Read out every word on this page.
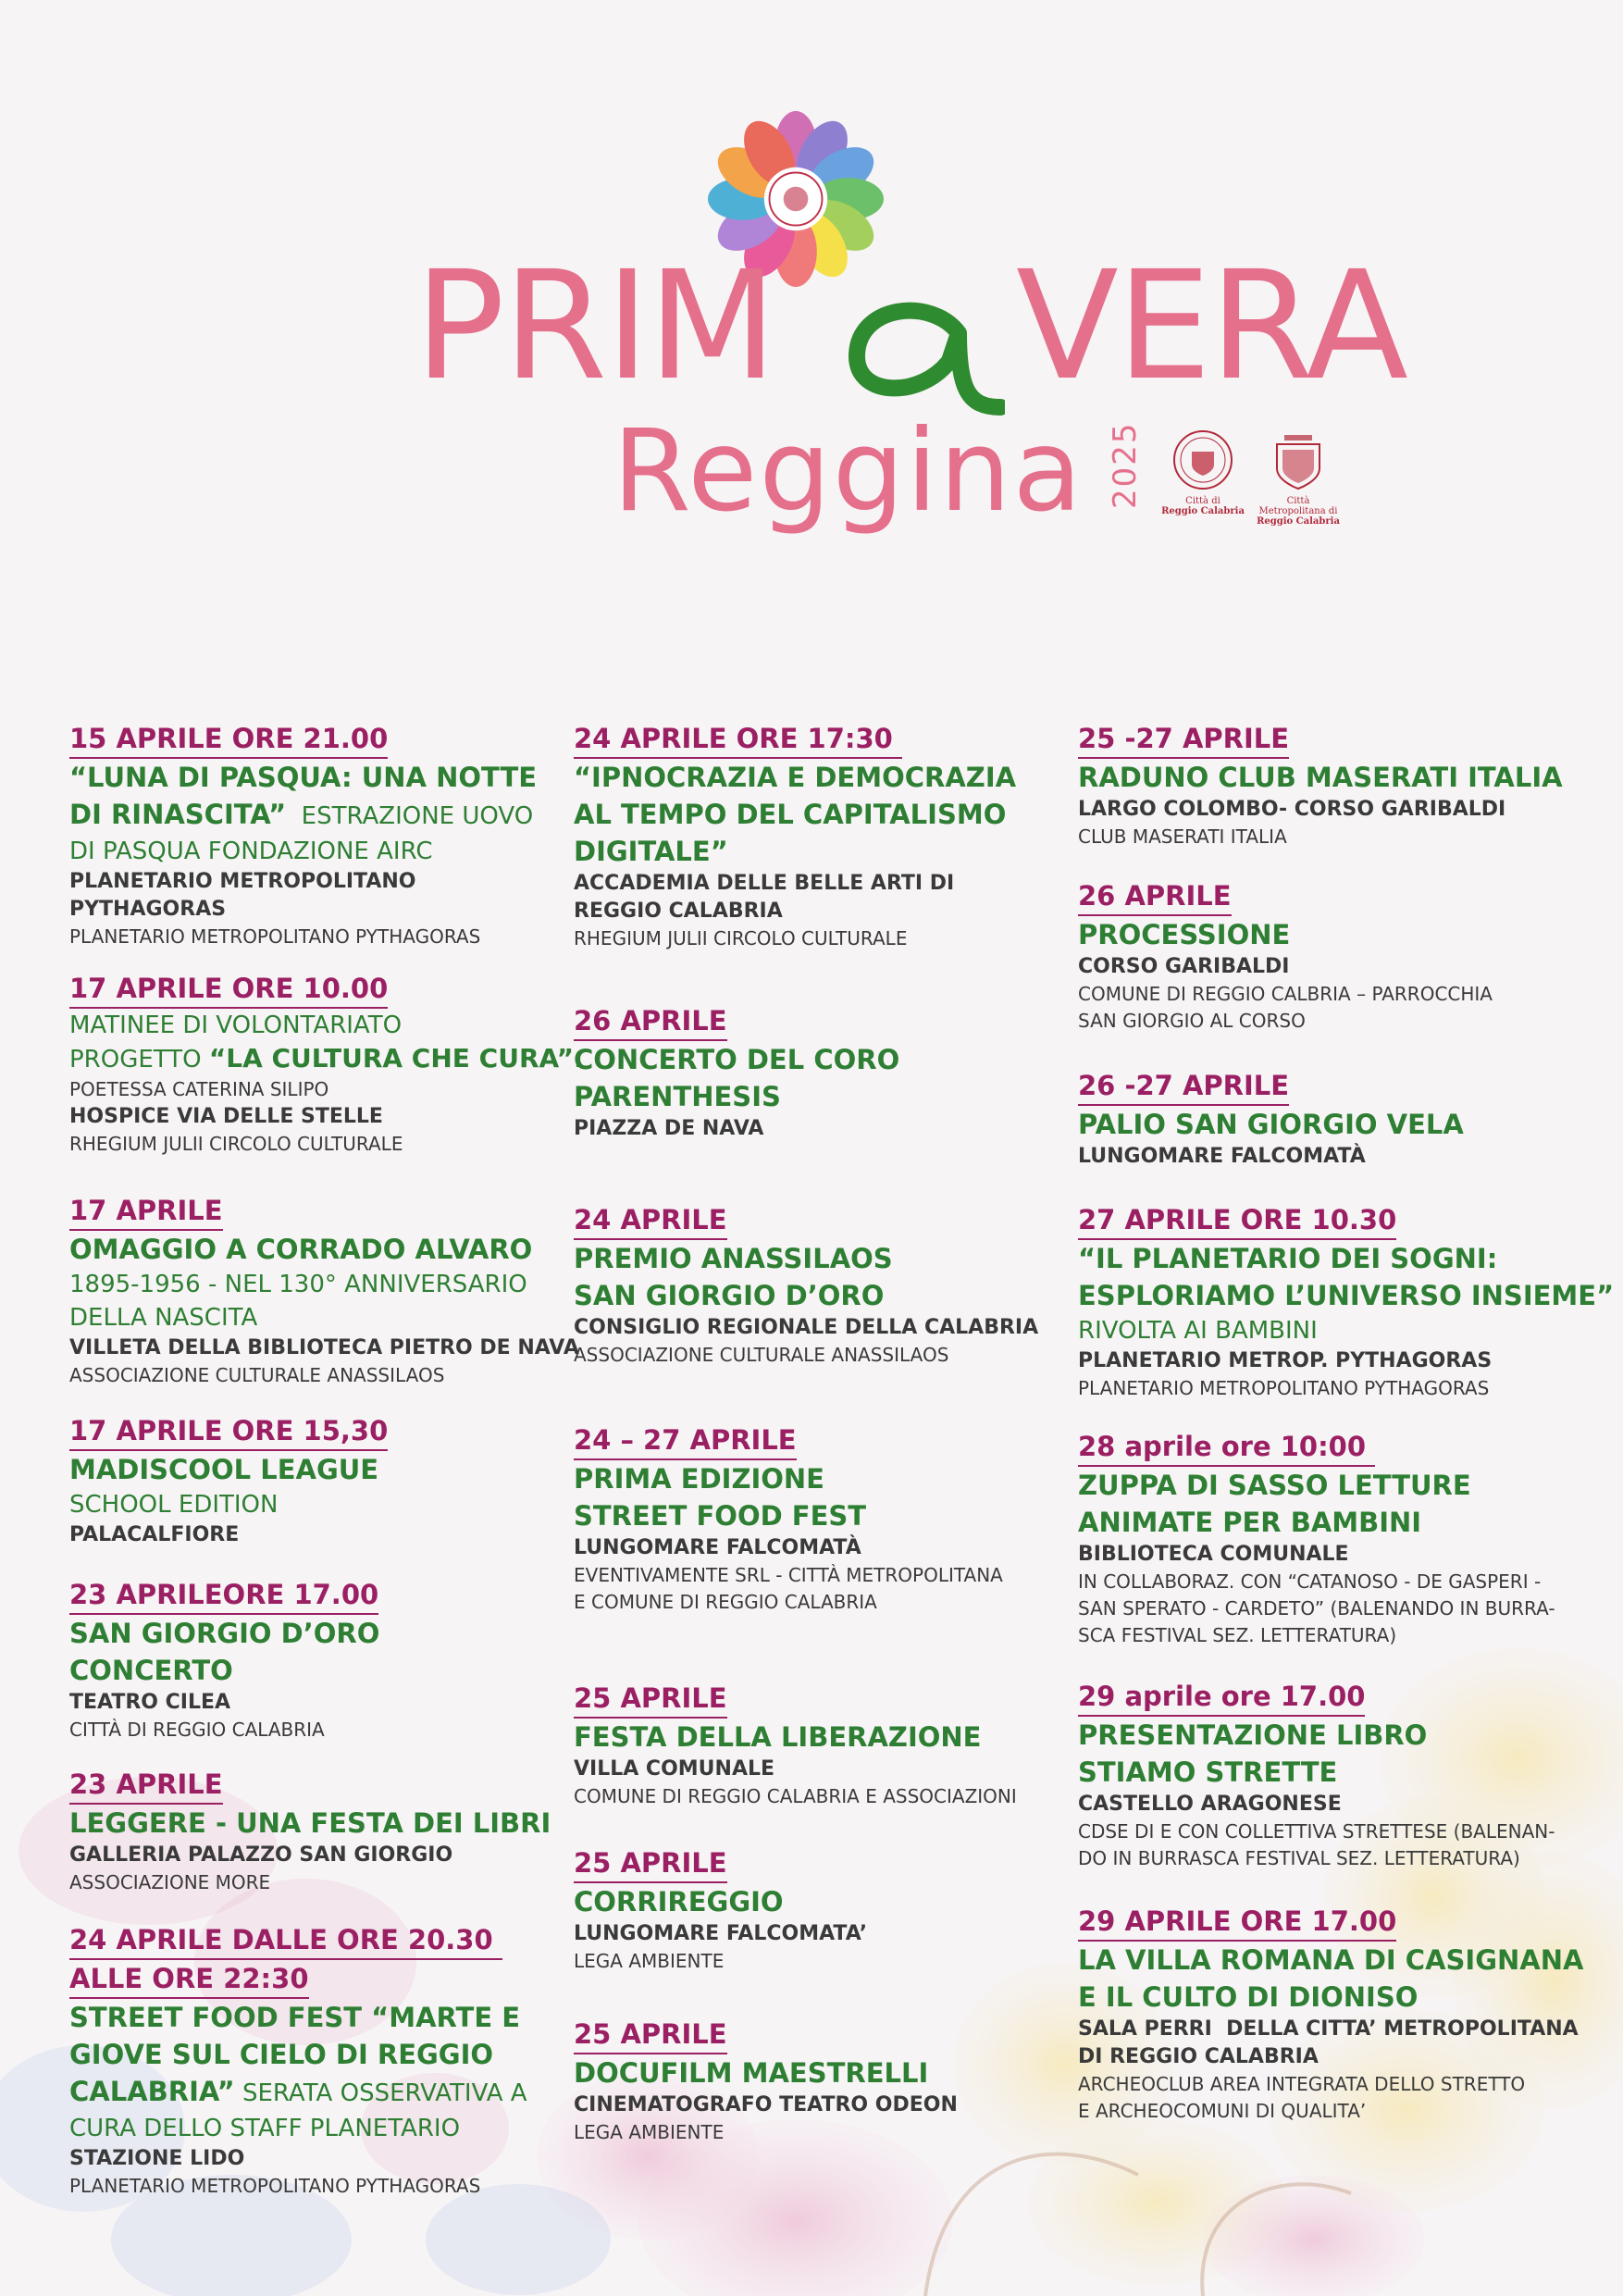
PRIM VERA
Reggina 2025	Città di
Reggio Calabria
Città Metropolitana di
Reggio Calabria
15 APRILE ORE 21.00
“LUNA DI PASQUA: UNA NOTTE
DI RINASCITA”  ESTRAZIONE UOVO
DI PASQUA FONDAZIONE AIRC
PLANETARIO METROPOLITANO
PYTHAGORAS
PLANETARIO METROPOLITANO PYTHAGORAS
17 APRILE ORE 10.00
MATINEE DI VOLONTARIATO
PROGETTO “LA CULTURA CHE CURA”.
POETESSA CATERINA SILIPO
HOSPICE VIA DELLE STELLE
RHEGIUM JULII CIRCOLO CULTURALE
17 APRILE
OMAGGIO A CORRADO ALVARO
1895-1956 - NEL 130° ANNIVERSARIO
DELLA NASCITA
VILLETA DELLA BIBLIOTECA PIETRO DE NAVA
ASSOCIAZIONE CULTURALE ANASSILAOS
17 APRILE ORE 15,30
MADISCOOL LEAGUE
SCHOOL EDITION
PALACALFIORE
23 APRILEORE 17.00
SAN GIORGIO D’ORO
CONCERTO
TEATRO CILEA
CITTÀ DI REGGIO CALABRIA
23 APRILE
LEGGERE - UNA FESTA DEI LIBRI
GALLERIA PALAZZO SAN GIORGIO
ASSOCIAZIONE MORE
24 APRILE DALLE ORE 20.30
ALLE ORE 22:30
STREET FOOD FEST “MARTE E
GIOVE SUL CIELO DI REGGIO
CALABRIA” SERATA OSSERVATIVA A
CURA DELLO STAFF PLANETARIO
STAZIONE LIDO
PLANETARIO METROPOLITANO PYTHAGORAS
24 APRILE ORE 17:30
“IPNOCRAZIA E DEMOCRAZIA
AL TEMPO DEL CAPITALISMO
DIGITALE”
ACCADEMIA DELLE BELLE ARTI DI
REGGIO CALABRIA
RHEGIUM JULII CIRCOLO CULTURALE
26 APRILE
CONCERTO DEL CORO
PARENTHESIS
PIAZZA DE NAVA
24 APRILE
PREMIO ANASSILAOS
SAN GIORGIO D’ORO
CONSIGLIO REGIONALE DELLA CALABRIA
ASSOCIAZIONE CULTURALE ANASSILAOS
24 – 27 APRILE
PRIMA EDIZIONE
STREET FOOD FEST
LUNGOMARE FALCOMATÀ
EVENTIVAMENTE SRL - CITTÀ METROPOLITANA
E COMUNE DI REGGIO CALABRIA
25 APRILE
FESTA DELLA LIBERAZIONE
VILLA COMUNALE
COMUNE DI REGGIO CALABRIA E ASSOCIAZIONI
25 APRILE
CORRIREGGIO
LUNGOMARE FALCOMATA’
LEGA AMBIENTE
25 APRILE
DOCUFILM MAESTRELLI
CINEMATOGRAFO TEATRO ODEON
LEGA AMBIENTE
25 -27 APRILE
RADUNO CLUB MASERATI ITALIA
LARGO COLOMBO- CORSO GARIBALDI
CLUB MASERATI ITALIA
26 APRILE
PROCESSIONE
CORSO GARIBALDI
COMUNE DI REGGIO CALBRIA – PARROCCHIA
SAN GIORGIO AL CORSO
26 -27 APRILE
PALIO SAN GIORGIO VELA
LUNGOMARE FALCOMATÀ
27 APRILE ORE 10.30
“IL PLANETARIO DEI SOGNI:
ESPLORIAMO L’UNIVERSO INSIEME”
RIVOLTA AI BAMBINI
PLANETARIO METROP. PYTHAGORAS
PLANETARIO METROPOLITANO PYTHAGORAS
28 aprile ore 10:00
ZUPPA DI SASSO LETTURE
ANIMATE PER BAMBINI
BIBLIOTECA COMUNALE
IN COLLABORAZ. CON “CATANOSO - DE GASPERI -
SAN SPERATO - CARDETO” (BALENANDO IN BURRA-
SCA FESTIVAL SEZ. LETTERATURA)
29 aprile ore 17.00
PRESENTAZIONE LIBRO
STIAMO STRETTE
CASTELLO ARAGONESE
CDSE DI E CON COLLETTIVA STRETTESE (BALENAN-
DO IN BURRASCA FESTIVAL SEZ. LETTERATURA)
29 APRILE ORE 17.00
LA VILLA ROMANA DI CASIGNANA
E IL CULTO DI DIONISO
SALA PERRI  DELLA CITTA’ METROPOLITANA
DI REGGIO CALABRIA
ARCHEOCLUB AREA INTEGRATA DELLO STRETTO
E ARCHEOCOMUNI DI QUALITA’
